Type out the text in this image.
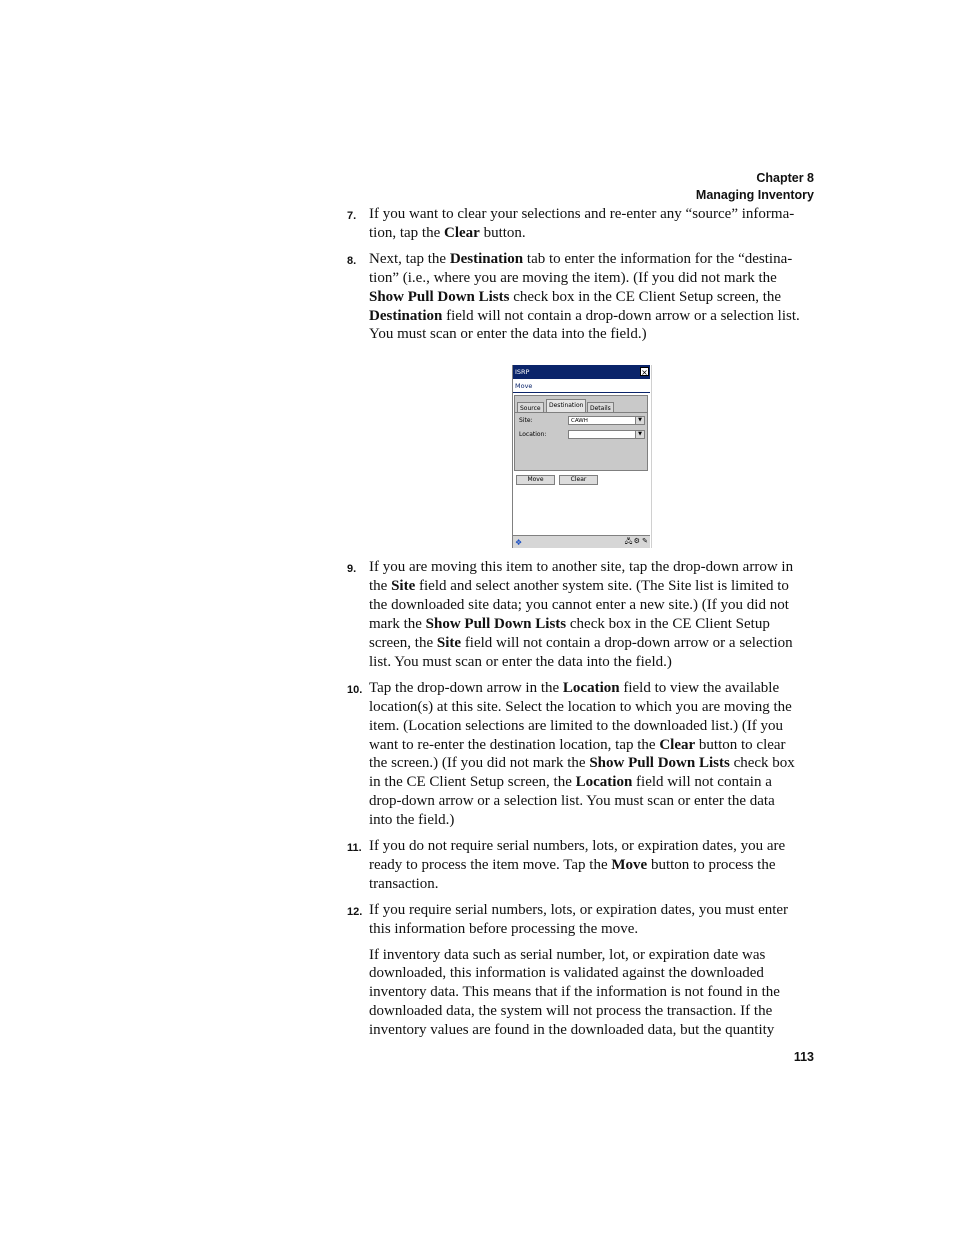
Chapter 8
Managing Inventory
7. If you want to clear your selections and re-enter any “source” informa-
tion, tap the Clear button.
8. Next, tap the Destination tab to enter the information for the “destina-
tion” (i.e., where you are moving the item). (If you did not mark the
Show Pull Down Lists check box in the CE Client Setup screen, the
Destination field will not contain a drop-down arrow or a selection list.
You must scan or enter the data into the field.)
ISRP	×
Move
Source	Destination	Details
Site:	CAWH	▼
Location:	▼
Move	Clear
❖	🖧 ⚙ ✎
9. If you are moving this item to another site, tap the drop-down arrow in
the Site field and select another system site. (The Site list is limited to
the downloaded site data; you cannot enter a new site.) (If you did not
mark the Show Pull Down Lists check box in the CE Client Setup
screen, the Site field will not contain a drop-down arrow or a selection
list. You must scan or enter the data into the field.)
10. Tap the drop-down arrow in the Location field to view the available
location(s) at this site. Select the location to which you are moving the
item. (Location selections are limited to the downloaded list.) (If you
want to re-enter the destination location, tap the Clear button to clear
the screen.) (If you did not mark the Show Pull Down Lists check box
in the CE Client Setup screen, the Location field will not contain a
drop-down arrow or a selection list. You must scan or enter the data
into the field.)
11. If you do not require serial numbers, lots, or expiration dates, you are
ready to process the item move. Tap the Move button to process the
transaction.
12. If you require serial numbers, lots, or expiration dates, you must enter
this information before processing the move.

If inventory data such as serial number, lot, or expiration date was downloaded, this information is validated against the downloaded inventory data. This means that if the information is not found in the downloaded data, the system will not process the transaction. If the inventory values are found in the downloaded data, but the quantity

113
